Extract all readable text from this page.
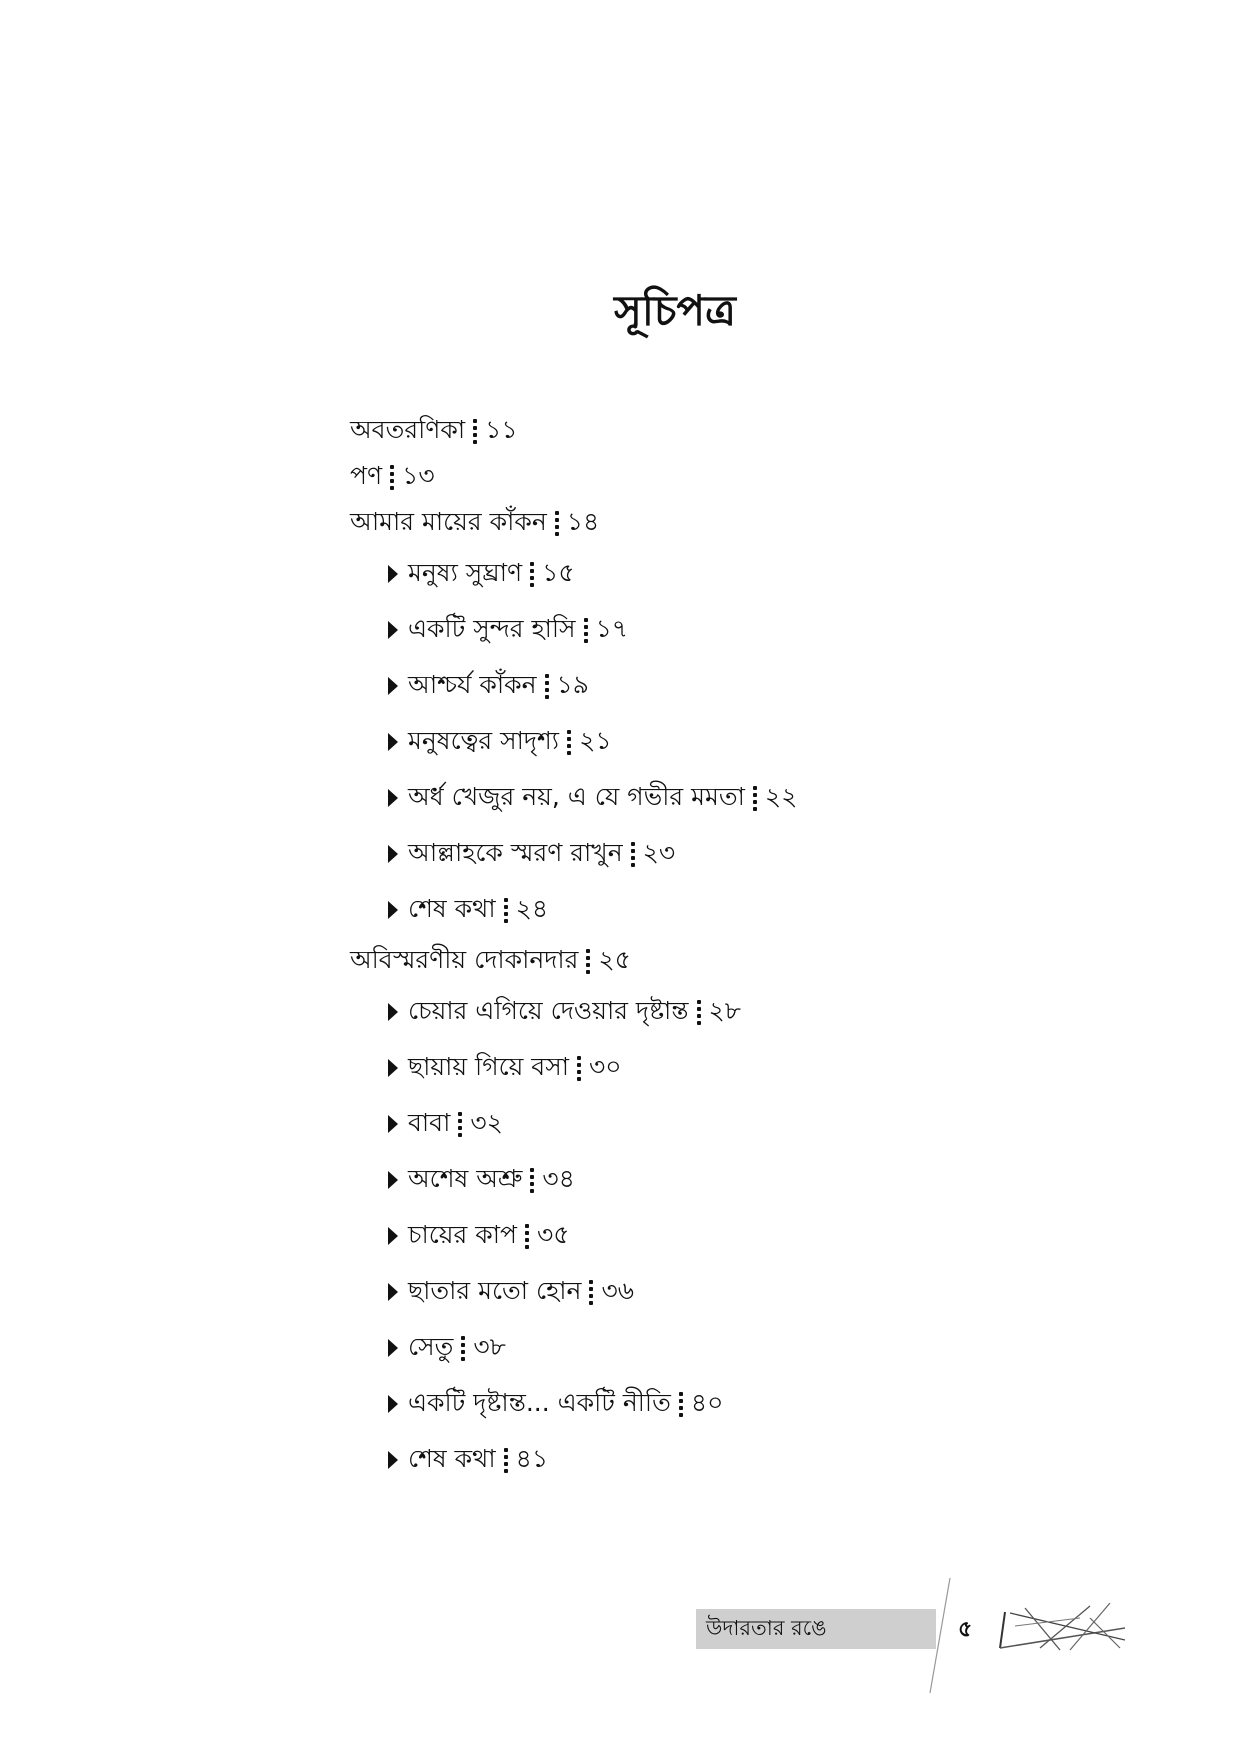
সূচিপত্র
অবতরণিকা ১১
পণ ১৩
আমার মায়ের কাঁকন ১৪
মনুষ্য সুঘ্রাণ ১৫
একটি সুন্দর হাসি ১৭
আশ্চর্য কাঁকন ১৯
মনুষত্বের সাদৃশ্য ২১
অর্ধ খেজুর নয়, এ যে গভীর মমতা ২২
আল্লাহকে স্মরণ রাখুন ২৩
শেষ কথা ২৪
অবিস্মরণীয় দোকানদার ২৫
চেয়ার এগিয়ে দেওয়ার দৃষ্টান্ত ২৮
ছায়ায় গিয়ে বসা ৩০
বাবা ৩২
অশেষ অশ্রু ৩৪
চায়ের কাপ ৩৫
ছাতার মতো হোন ৩৬
সেতু ৩৮
একটি দৃষ্টান্ত... একটি নীতি ৪০
শেষ কথা ৪১
উদারতার রঙে	৫
